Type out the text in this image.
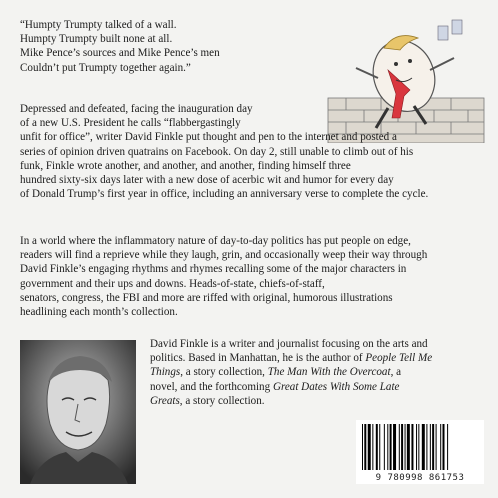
“Humpty Trumpty talked of a wall.
Humpty Trumpty built none at all.
Mike Pence’s sources and Mike Pence’s men
Couldn’t put Trumpty together again.”
Depressed and defeated, facing the inauguration day
of a new U.S. President he calls “flabbergastingly
unfit for office”, writer David Finkle put thought and pen to the internet and posted a
series of opinion driven quatrains on Facebook. On day 2, still unable to climb out of his
funk, Finkle wrote another, and another, and another, finding himself three
hundred sixty-six days later with a new dose of acerbic wit and humor for every day
of Donald Trump’s first year in office, including an anniversary verse to complete the cycle.
In a world where the inflammatory nature of day-to-day politics has put people on edge,
readers will find a reprieve while they laugh, grin, and occasionally weep their way through
David Finkle’s engaging rhythms and rhymes recalling some of the major characters in
government and their ups and downs. Heads-of-state, chiefs-of-staff,
senators, congress, the FBI and more are riffed with original, humorous illustrations
headlining each month’s collection.
David Finkle is a writer and journalist focusing on the arts and
politics. Based in Manhattan, he is the author of People Tell Me
Things, a story collection, The Man With the Overcoat, a
novel, and the forthcoming Great Dates With Some Late
Greats, a story collection.
9 780998 861753
